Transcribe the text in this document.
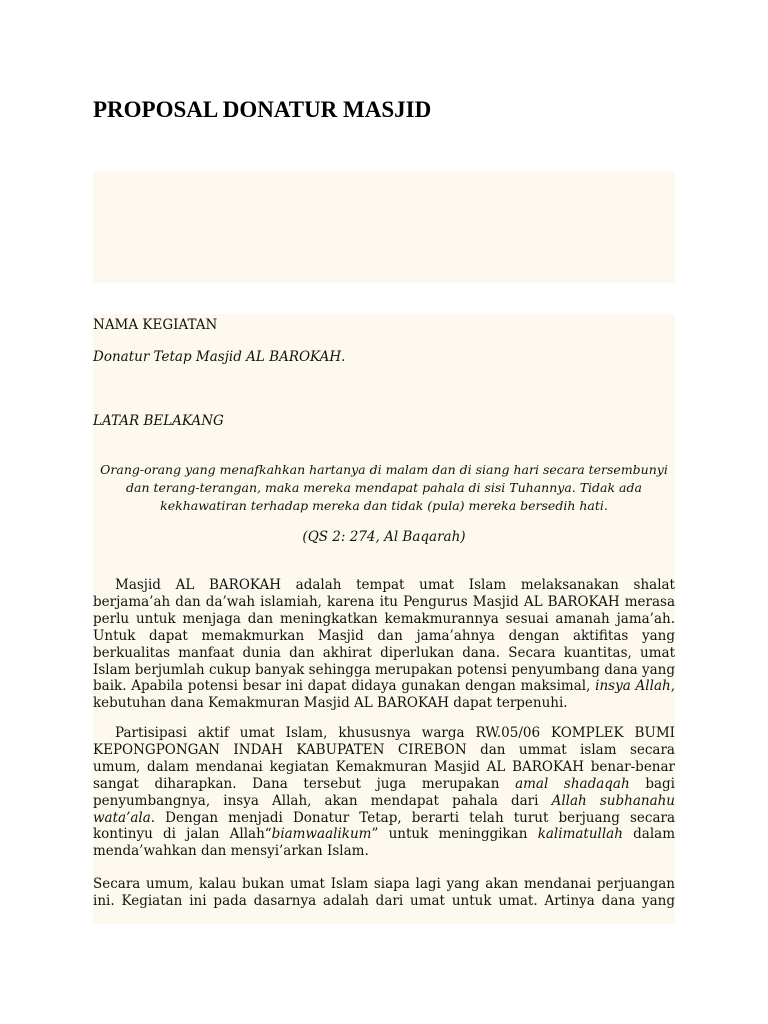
PROPOSAL DONATUR MASJID

NAMA KEGIATAN

Donatur Tetap Masjid AL BAROKAH.

LATAR BELAKANG

Orang-orang yang menafkahkan hartanya di malam dan di siang hari secara tersembunyi

dan terang-terangan, maka mereka mendapat pahala di sisi Tuhannya. Tidak ada

kekhawatiran terhadap mereka dan tidak (pula) mereka bersedih hati.

(QS 2: 274, Al Baqarah)

Masjid AL BAROKAH adalah tempat umat Islam melaksanakan shalat
berjama’ah dan da’wah islamiah, karena itu Pengurus Masjid AL BAROKAH merasa
perlu untuk menjaga dan meningkatkan kemakmurannya sesuai amanah jama’ah.
Untuk dapat memakmurkan Masjid dan jama’ahnya dengan aktifitas yang
berkualitas manfaat dunia dan akhirat diperlukan dana. Secara kuantitas, umat
Islam berjumlah cukup banyak sehingga merupakan potensi penyumbang dana yang
baik. Apabila potensi besar ini dapat didaya gunakan dengan maksimal, insya Allah,
kebutuhan dana Kemakmuran Masjid AL BAROKAH dapat terpenuhi.
Partisipasi aktif umat Islam, khususnya warga RW.05/06 KOMPLEK BUMI
KEPONGPONGAN INDAH KABUPATEN CIREBON dan ummat islam secara
umum, dalam mendanai kegiatan Kemakmuran Masjid AL BAROKAH benar-benar
sangat diharapkan. Dana tersebut juga merupakan amal shadaqah bagi
penyumbangnya, insya Allah, akan mendapat pahala dari Allah subhanahu
wata’ala. Dengan menjadi Donatur Tetap, berarti telah turut berjuang secara
kontinyu di jalan Allah“biamwaalikum” untuk meninggikan kalimatullah dalam
menda’wahkan dan mensyi’arkan Islam.
Secara umum, kalau bukan umat Islam siapa lagi yang akan mendanai perjuangan
ini. Kegiatan ini pada dasarnya adalah dari umat untuk umat. Artinya dana yang
